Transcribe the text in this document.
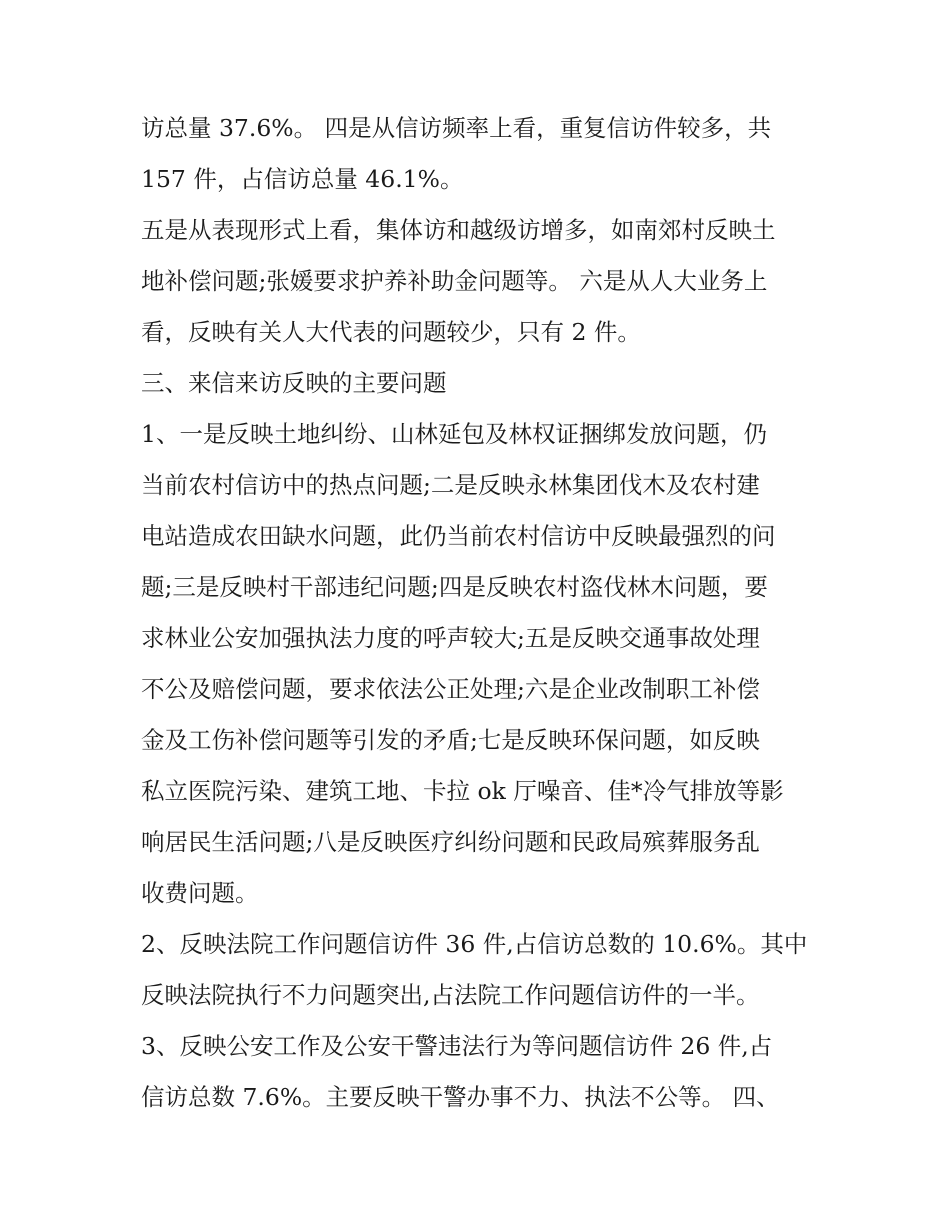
访总量 37.6%。 四是从信访频率上看，重复信访件较多，共
157 件，占信访总量 46.1%。
五是从表现形式上看，集体访和越级访增多，如南郊村反映土
地补偿问题;张媛要求护养补助金问题等。 六是从人大业务上
看，反映有关人大代表的问题较少，只有 2 件。
三、来信来访反映的主要问题
1、一是反映土地纠纷、山林延包及林权证捆绑发放问题，仍
当前农村信访中的热点问题;二是反映永林集团伐木及农村建
电站造成农田缺水问题，此仍当前农村信访中反映最强烈的问
题;三是反映村干部违纪问题;四是反映农村盗伐林木问题，要
求林业公安加强执法力度的呼声较大;五是反映交通事故处理
不公及赔偿问题，要求依法公正处理;六是企业改制职工补偿
金及工伤补偿问题等引发的矛盾;七是反映环保问题，如反映
私立医院污染、建筑工地、卡拉 ok 厅噪音、佳*冷气排放等影
响居民生活问题;八是反映医疗纠纷问题和民政局殡葬服务乱
收费问题。
2、反映法院工作问题信访件 36 件,占信访总数的 10.6%。其中
反映法院执行不力问题突出,占法院工作问题信访件的一半。
3、反映公安工作及公安干警违法行为等问题信访件 26 件,占
信访总数 7.6%。主要反映干警办事不力、执法不公等。 四、
